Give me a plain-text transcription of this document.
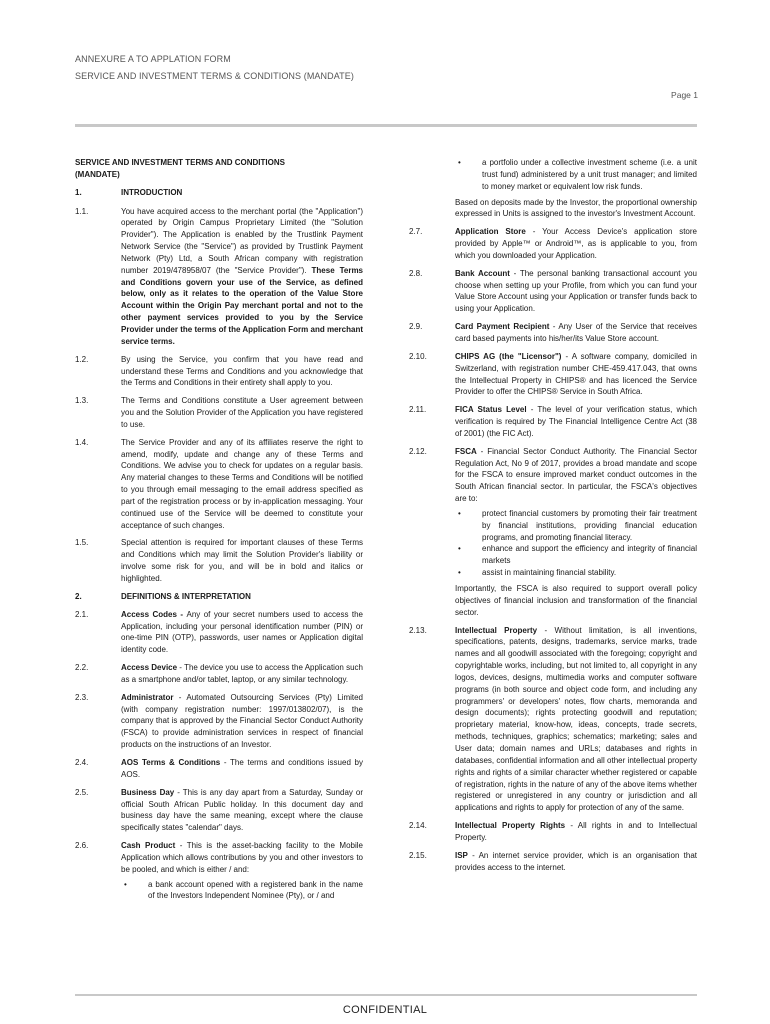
ANNEXURE A TO APPLATION FORM
SERVICE AND INVESTMENT TERMS & CONDITIONS (MANDATE)
Page 1
SERVICE AND INVESTMENT TERMS AND CONDITIONS
(MANDATE)
1.	INTRODUCTION
1.1.	You have acquired access to the merchant portal (the "Application") operated by Origin Campus Proprietary Limited (the "Solution Provider"). The Application is enabled by the Trustlink Payment Network Service (the "Service") as provided by Trustlink Payment Network (Pty) Ltd, a South African company with registration number 2019/478958/07 (the "Service Provider"). These Terms and Conditions govern your use of the Service, as defined below, only as it relates to the operation of the Value Store Account within the Origin Pay merchant portal and not to the other payment services provided to you by the Service Provider under the terms of the Application Form and merchant service terms.
1.2.	By using the Service, you confirm that you have read and understand these Terms and Conditions and you acknowledge that the Terms and Conditions in their entirety shall apply to you.
1.3.	The Terms and Conditions constitute a User agreement between you and the Solution Provider of the Application you have registered to use.
1.4.	The Service Provider and any of its affiliates reserve the right to amend, modify, update and change any of these Terms and Conditions. We advise you to check for updates on a regular basis. Any material changes to these Terms and Conditions will be notified to you through email messaging to the email address specified as part of the registration process or by in-application messaging. Your continued use of the Service will be deemed to constitute your acceptance of such changes.
1.5.	Special attention is required for important clauses of these Terms and Conditions which may limit the Solution Provider's liability or involve some risk for you, and will be in bold and italics or highlighted.
2.	DEFINITIONS & INTERPRETATION
2.1.	Access Codes - Any of your secret numbers used to access the Application, including your personal identification number (PIN) or one-time PIN (OTP), passwords, user names or Application digital identity code.
2.2.	Access Device - The device you use to access the Application such as a smartphone and/or tablet, laptop, or any similar technology.
2.3.	Administrator - Automated Outsourcing Services (Pty) Limited (with company registration number: 1997/013802/07), is the company that is approved by the Financial Sector Conduct Authority (FSCA) to provide administration services in respect of financial products on the instructions of an Investor.
2.4.	AOS Terms & Conditions - The terms and conditions issued by AOS.
2.5.	Business Day - This is any day apart from a Saturday, Sunday or official South African Public holiday. In this document day and business day have the same meaning, except where the clause specifically states "calendar" days.
2.6.	Cash Product - This is the asset-backing facility to the Mobile Application which allows contributions by you and other investors to be pooled, and which is either / and:
• a bank account opened with a registered bank in the name of the Investors Independent Nominee (Pty), or / and
• a portfolio under a collective investment scheme (i.e. a unit trust fund) administered by a unit trust manager; and limited to money market or equivalent low risk funds.
Based on deposits made by the Investor, the proportional ownership expressed in Units is assigned to the investor's Investment Account.
2.7.	Application Store - Your Access Device's application store provided by Apple™ or Android™, as is applicable to you, from which you downloaded your Application.
2.8.	Bank Account - The personal banking transactional account you choose when setting up your Profile, from which you can fund your Value Store Account using your Application or transfer funds back to using your Application.
2.9.	Card Payment Recipient - Any User of the Service that receives card based payments into his/her/its Value Store account.
2.10.	CHIPS AG (the "Licensor") - A software company, domiciled in Switzerland, with registration number CHE-459.417.043, that owns the Intellectual Property in CHIPS® and has licenced the Service Provider to offer the CHIPS® Service in South Africa.
2.11.	FICA Status Level - The level of your verification status, which verification is required by The Financial Intelligence Centre Act (38 of 2001) (the FIC Act).
2.12.	FSCA - Financial Sector Conduct Authority. The Financial Sector Regulation Act, No 9 of 2017, provides a broad mandate and scope for the FSCA to ensure improved market conduct outcomes in the South African financial sector. In particular, the FSCA's objectives are to:
• protect financial customers by promoting their fair treatment by financial institutions, providing financial education programs, and promoting financial literacy.
• enhance and support the efficiency and integrity of financial markets
• assist in maintaining financial stability.
Importantly, the FSCA is also required to support overall policy objectives of financial inclusion and transformation of the financial sector.
2.13.	Intellectual Property - Without limitation, is all inventions, specifications, patents, designs, trademarks, service marks, trade names and all goodwill associated with the foregoing; copyright and copyrightable works, including, but not limited to, all copyright in any logos, devices, designs, multimedia works and computer software programs (in both source and object code form, and including any programmers' or developers' notes, flow charts, memoranda and design documents); rights protecting goodwill and reputation; proprietary material, know-how, ideas, concepts, trade secrets, methods, techniques, graphics; schematics; marketing; sales and User data; domain names and URLs; databases and rights in databases, confidential information and all other intellectual property rights and rights of a similar character whether registered or capable of registration, rights in the nature of any of the above items whether registered or unregistered in any country or jurisdiction and all applications and rights to apply for protection of any of the same.
2.14.	Intellectual Property Rights - All rights in and to Intellectual Property.
2.15.	ISP - An internet service provider, which is an organisation that provides access to the internet.
CONFIDENTIAL
